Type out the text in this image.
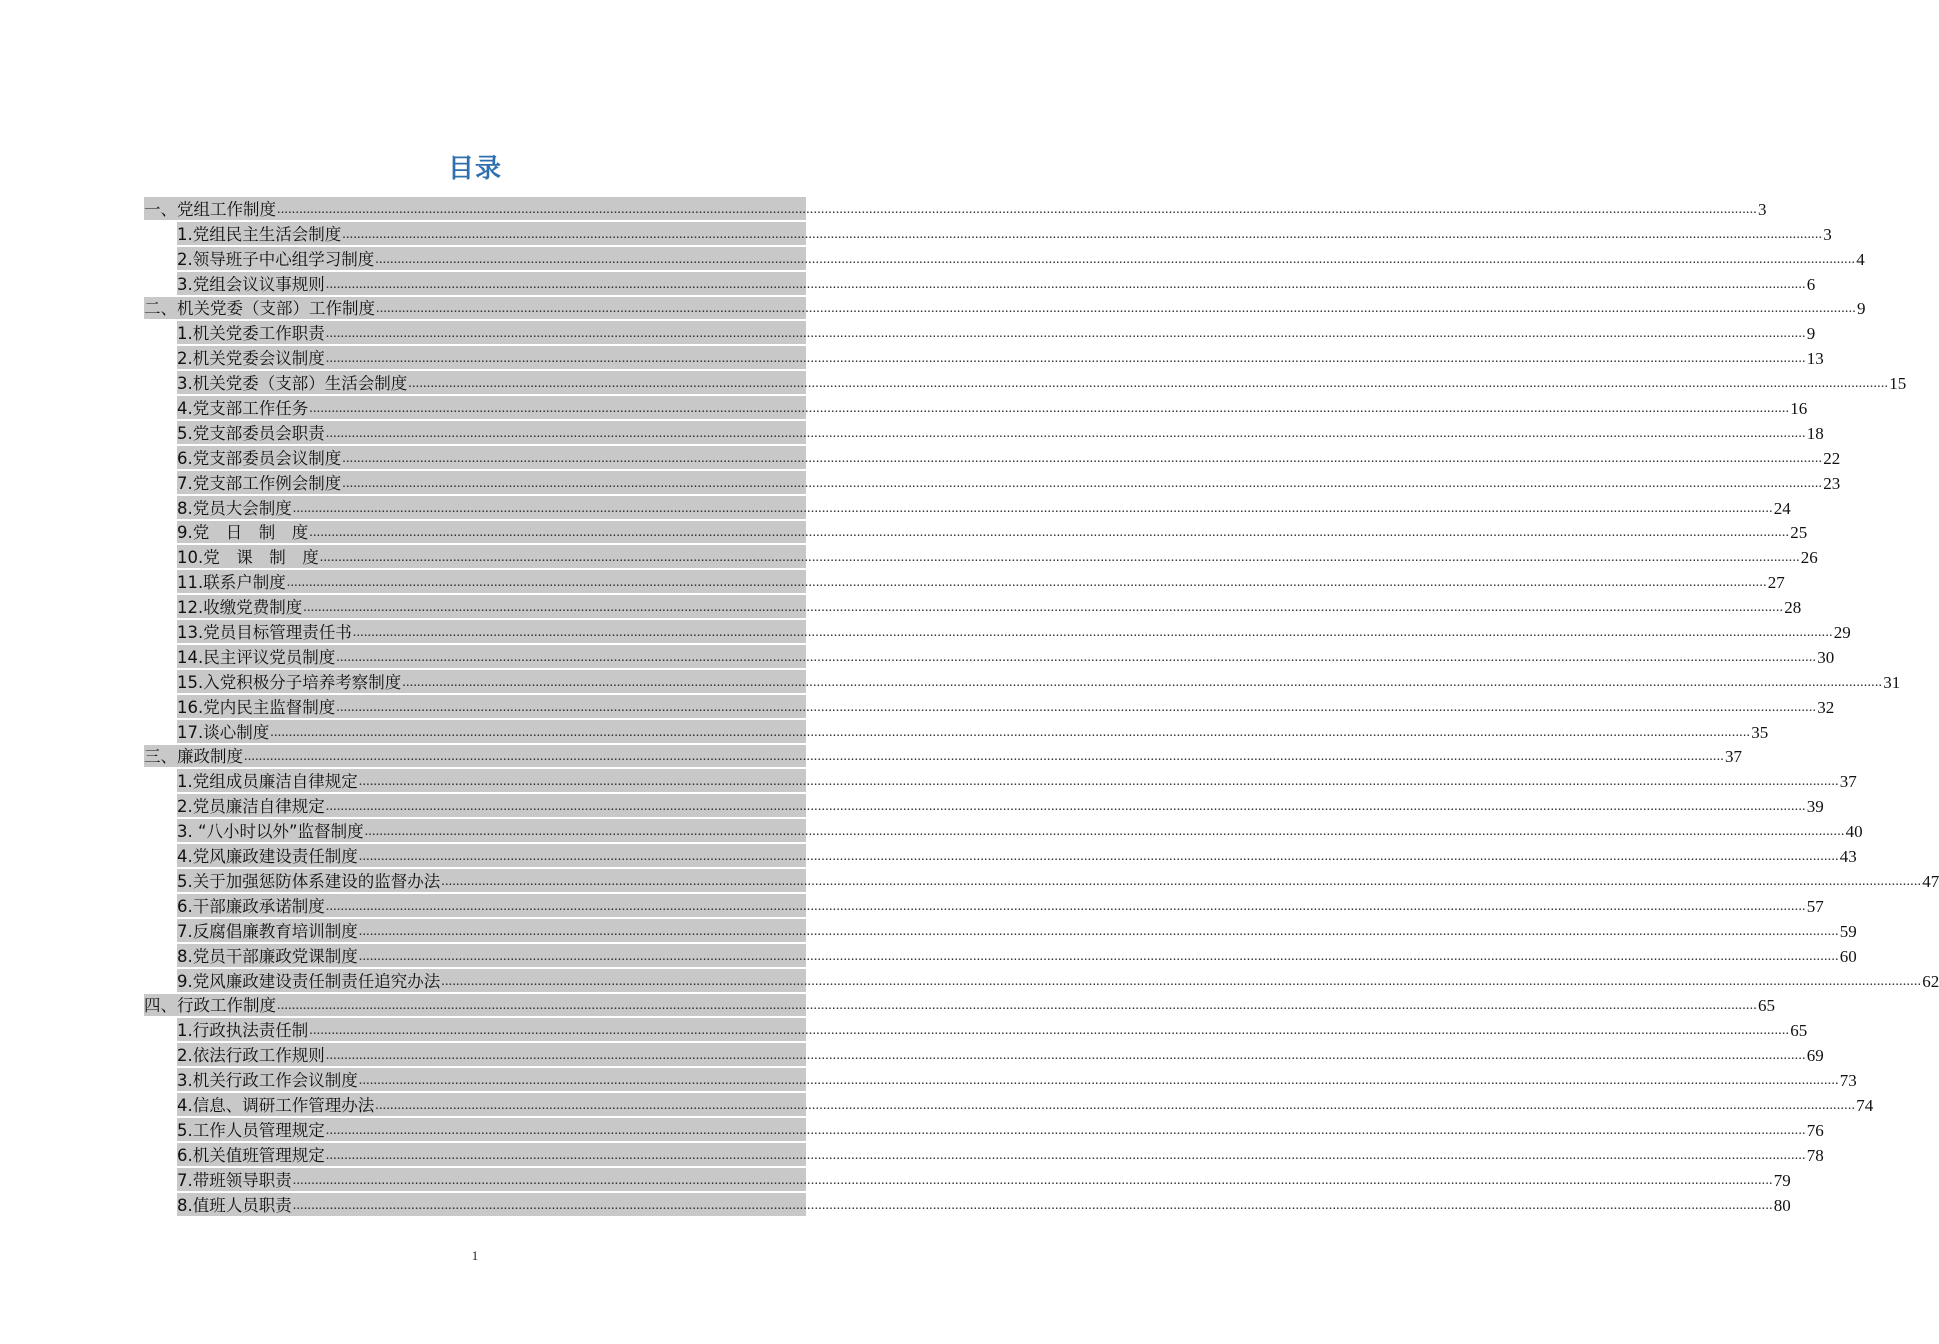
目录
一、党组工作制度 ................................................................................................................................................................................................................................................................................................................................................................................................................ 3
1.党组民主生活会制度 ................................................................................................................................................................................................................................................................................................................................................................................................................ 3
2.领导班子中心组学习制度 ................................................................................................................................................................................................................................................................................................................................................................................................................ 4
3.党组会议议事规则 ................................................................................................................................................................................................................................................................................................................................................................................................................ 6
二、机关党委（支部）工作制度 ................................................................................................................................................................................................................................................................................................................................................................................................................ 9
1.机关党委工作职责 ................................................................................................................................................................................................................................................................................................................................................................................................................ 9
2.机关党委会议制度 ................................................................................................................................................................................................................................................................................................................................................................................................................ 13
3.机关党委（支部）生活会制度 ................................................................................................................................................................................................................................................................................................................................................................................................................ 15
4.党支部工作任务 ................................................................................................................................................................................................................................................................................................................................................................................................................ 16
5.党支部委员会职责 ................................................................................................................................................................................................................................................................................................................................................................................................................ 18
6.党支部委员会议制度 ................................................................................................................................................................................................................................................................................................................................................................................................................ 22
7.党支部工作例会制度 ................................................................................................................................................................................................................................................................................................................................................................................................................ 23
8.党员大会制度 ................................................................................................................................................................................................................................................................................................................................................................................................................ 24
9.党　日　制　度 ................................................................................................................................................................................................................................................................................................................................................................................................................ 25
10.党　课　制　度 ................................................................................................................................................................................................................................................................................................................................................................................................................ 26
11.联系户制度 ................................................................................................................................................................................................................................................................................................................................................................................................................ 27
12.收缴党费制度 ................................................................................................................................................................................................................................................................................................................................................................................................................ 28
13.党员目标管理责任书 ................................................................................................................................................................................................................................................................................................................................................................................................................ 29
14.民主评议党员制度 ................................................................................................................................................................................................................................................................................................................................................................................................................ 30
15.入党积极分子培养考察制度 ................................................................................................................................................................................................................................................................................................................................................................................................................ 31
16.党内民主监督制度 ................................................................................................................................................................................................................................................................................................................................................................................................................ 32
17.谈心制度 ................................................................................................................................................................................................................................................................................................................................................................................................................ 35
三、廉政制度 ................................................................................................................................................................................................................................................................................................................................................................................................................ 37
1.党组成员廉洁自律规定 ................................................................................................................................................................................................................................................................................................................................................................................................................ 37
2.党员廉洁自律规定 ................................................................................................................................................................................................................................................................................................................................................................................................................ 39
3. “八小时以外”监督制度 ................................................................................................................................................................................................................................................................................................................................................................................................................ 40
4.党风廉政建设责任制度 ................................................................................................................................................................................................................................................................................................................................................................................................................ 43
5.关于加强惩防体系建设的监督办法 ................................................................................................................................................................................................................................................................................................................................................................................................................ 47
6.干部廉政承诺制度 ................................................................................................................................................................................................................................................................................................................................................................................................................ 57
7.反腐倡廉教育培训制度 ................................................................................................................................................................................................................................................................................................................................................................................................................ 59
8.党员干部廉政党课制度 ................................................................................................................................................................................................................................................................................................................................................................................................................ 60
9.党风廉政建设责任制责任追究办法 ................................................................................................................................................................................................................................................................................................................................................................................................................ 62
四、行政工作制度 ................................................................................................................................................................................................................................................................................................................................................................................................................ 65
1.行政执法责任制 ................................................................................................................................................................................................................................................................................................................................................................................................................ 65
2.依法行政工作规则 ................................................................................................................................................................................................................................................................................................................................................................................................................ 69
3.机关行政工作会议制度 ................................................................................................................................................................................................................................................................................................................................................................................................................ 73
4.信息、调研工作管理办法 ................................................................................................................................................................................................................................................................................................................................................................................................................ 74
5.工作人员管理规定 ................................................................................................................................................................................................................................................................................................................................................................................................................ 76
6.机关值班管理规定 ................................................................................................................................................................................................................................................................................................................................................................................................................ 78
7.带班领导职责 ................................................................................................................................................................................................................................................................................................................................................................................................................ 79
8.值班人员职责 ................................................................................................................................................................................................................................................................................................................................................................................................................ 80
1
